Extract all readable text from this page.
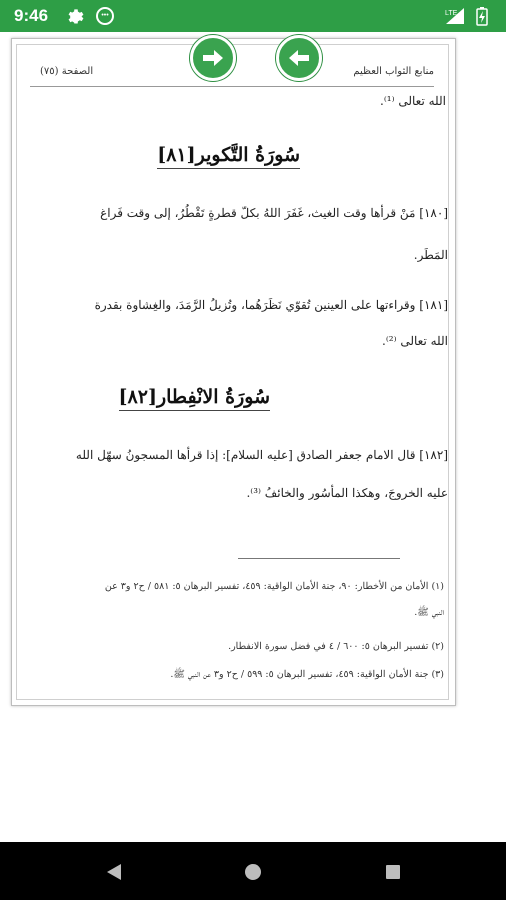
9:46	•••	LTE
منابع الثواب العظيم
الصفحة (٧٥)
الله تعالى ⁽¹⁾.
سُورَةُ التَّكوير[٨١]
[١٨٠] مَنْ قرأها وقت الغيث، غَفَرَ اللهُ بكلّ قطرةٍ تَقْطُرُ، إلى وقت فَراغ
المَطَر.
[١٨١] وقراءتها على العينين تُقوّي نَظَرَهُما، وتُزيلُ الرَّمَدَ، والغِشاوة بقدرة
الله تعالى ⁽²⁾.
سُورَةُ الانْفِطار[٨٢]
[١٨٢] قال الامام جعفر الصادق [عليه السلام]: إذا قرأها المسجونُ سهّل الله
عليه الخروجَ، وهكذا المأسُور والخائفُ ⁽³⁾.
(١) الأمان من الأخطار: ٩٠، جنة الأمان الواقية: ٤٥٩، تفسير البرهان ٥: ٥٨١ / ح٢ و٣ عن
النبي ﷺ.
(٢) تفسير البرهان ٥: ٦٠٠ / ٤ في فضل سورة الانفطار.
(٣) جنة الأمان الواقية: ٤٥٩، تفسير البرهان ٥: ٥٩٩ / ح٢ و٣ عن النبي ﷺ.
